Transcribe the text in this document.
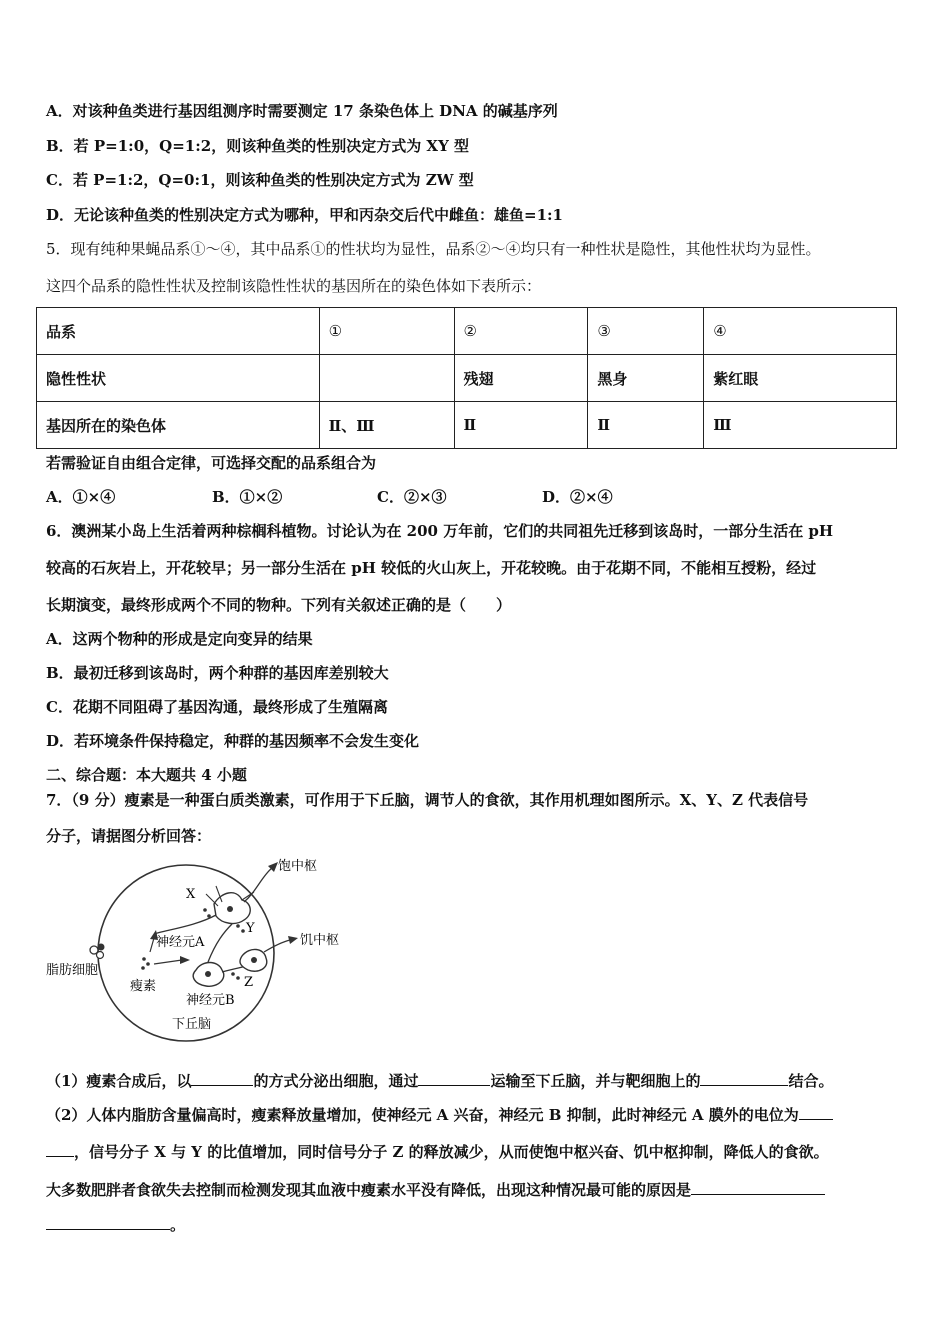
A．对该种鱼类进行基因组测序时需要测定 17 条染色体上 DNA 的碱基序列
B．若 P=1:0，Q=1:2，则该种鱼类的性别决定方式为 XY 型
C．若 P=1:2，Q=0:1，则该种鱼类的性别决定方式为 ZW 型
D．无论该种鱼类的性别决定方式为哪种，甲和丙杂交后代中雌鱼：雄鱼=1:1
5．现有纯种果蝇品系①～④，其中品系①的性状均为显性，品系②～④均只有一种性状是隐性，其他性状均为显性。
这四个品系的隐性性状及控制该隐性性状的基因所在的染色体如下表所示：
品系	①	②	③	④
隐性性状		残翅	黑身	紫红眼
基因所在的染色体	Ⅱ、Ⅲ	Ⅱ	Ⅱ	Ⅲ
若需验证自由组合定律，可选择交配的品系组合为
A．①×④	B．①×②	C．②×③	D．②×④
6．澳洲某小岛上生活着两种棕榈科植物。讨论认为在 200 万年前，它们的共同祖先迁移到该岛时，一部分生活在 pH
较高的石灰岩上，开花较早；另一部分生活在 pH 较低的火山灰上，开花较晚。由于花期不同，不能相互授粉，经过
长期演变，最终形成两个不同的物种。下列有关叙述正确的是（　　）
A．这两个物种的形成是定向变异的结果
B．最初迁移到该岛时，两个种群的基因库差别较大
C．花期不同阻碍了基因沟通，最终形成了生殖隔离
D．若环境条件保持稳定，种群的基因频率不会发生变化
二、综合题：本大题共 4 小题
7．（9 分）瘦素是一种蛋白质类激素，可作用于下丘脑，调节人的食欲，其作用机理如图所示。X、Y、Z 代表信号
分子，请据图分析回答：
饱中枢
饥中枢
神经元A
神经元B
脂肪细胞
瘦素
下丘脑
X
Y
Z
（1）瘦素合成后，以	的方式分泌出细胞，通过	运输至下丘脑，并与靶细胞上的	结合。
（2）人体内脂肪含量偏高时，瘦素释放量增加，使神经元 A 兴奋，神经元 B 抑制，此时神经元 A 膜外的电位为
，信号分子 X 与 Y 的比值增加，同时信号分子 Z 的释放减少，从而使饱中枢兴奋、饥中枢抑制，降低人的食欲。
大多数肥胖者食欲失去控制而检测发现其血液中瘦素水平没有降低，出现这种情况最可能的原因是
。
